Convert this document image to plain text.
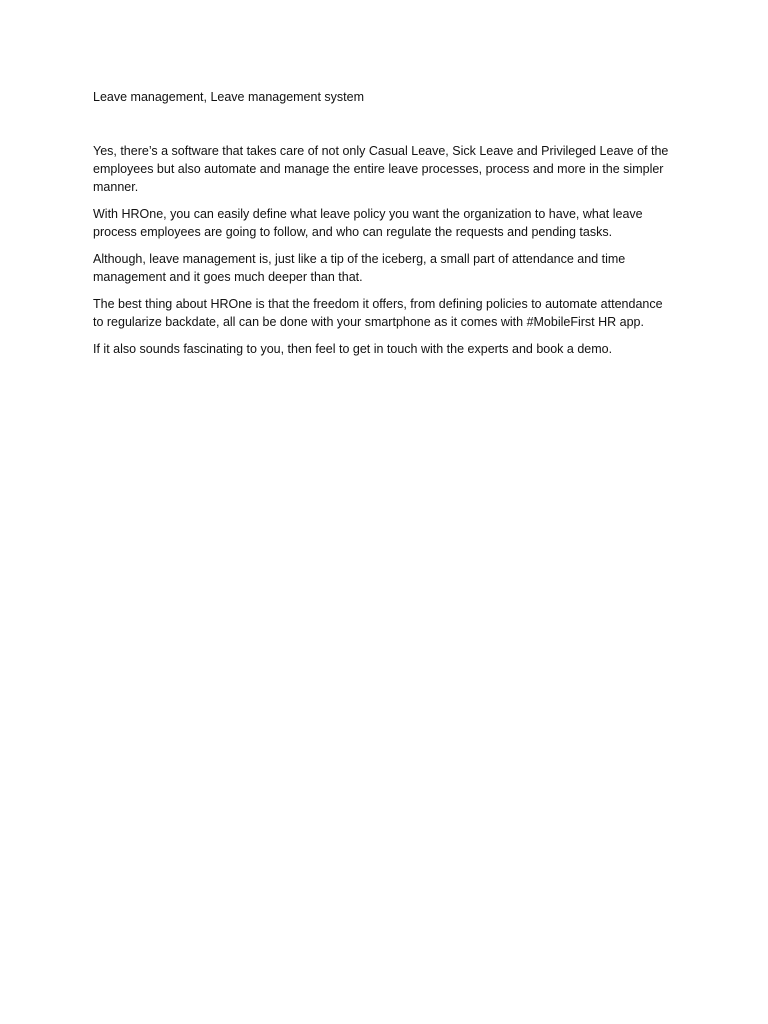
Leave management, Leave management system

Yes, there’s a software that takes care of not only Casual Leave, Sick Leave and Privileged Leave of the employees but also automate and manage the entire leave processes, process and more in the simpler manner.

With HROne, you can easily define what leave policy you want the organization to have, what leave process employees are going to follow, and who can regulate the requests and pending tasks.

Although, leave management is, just like a tip of the iceberg, a small part of attendance and time management and it goes much deeper than that.

The best thing about HROne is that the freedom it offers, from defining policies to automate attendance to regularize backdate, all can be done with your smartphone as it comes with #MobileFirst HR app.

If it also sounds fascinating to you, then feel to get in touch with the experts and book a demo.
